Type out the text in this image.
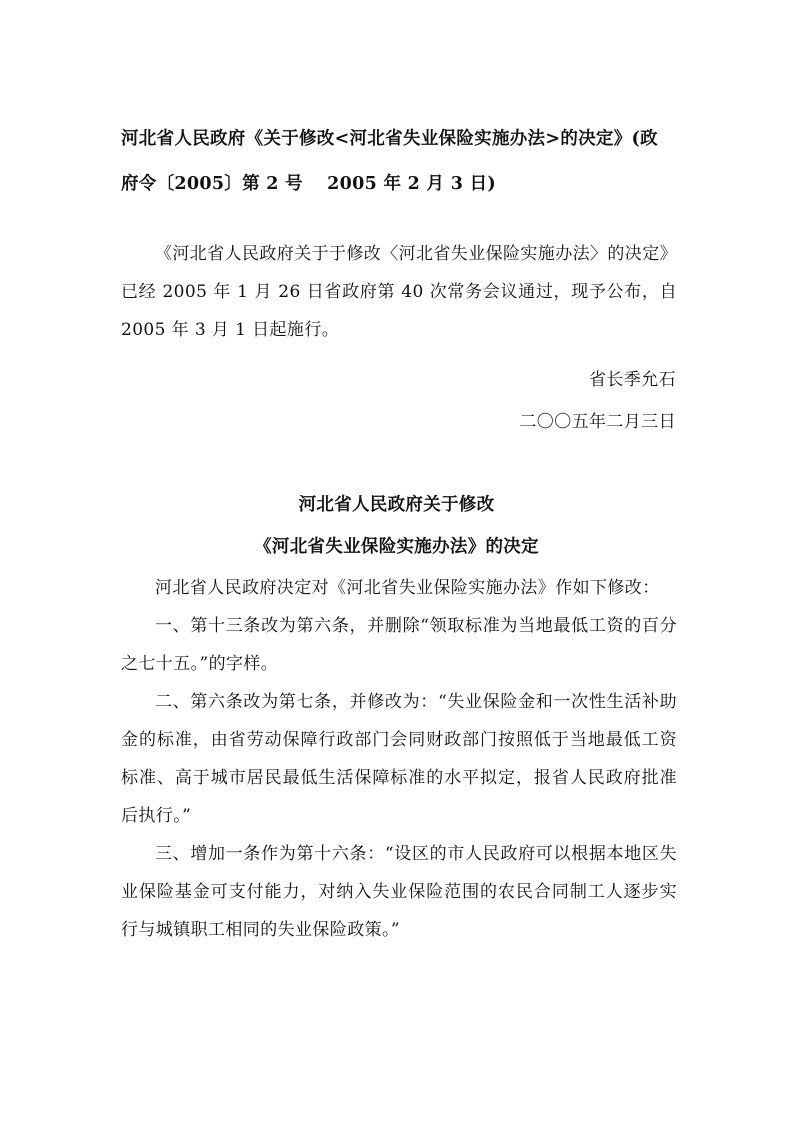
河北省人民政府《关于修改<河北省失业保险实施办法>的决定》(政
府令〔2005〕第 2 号　 2005 年 2 月 3 日)

《河北省人民政府关于于修改〈河北省失业保险实施办法〉的决定》已经 2005 年 1 月 26 日省政府第 40 次常务会议通过，现予公布，自 2005 年 3 月 1 日起施行。

省长季允石
二〇〇五年二月三日
河北省人民政府关于修改
《河北省失业保险实施办法》的决定

河北省人民政府决定对《河北省失业保险实施办法》作如下修改：

一、第十三条改为第六条，并删除“领取标准为当地最低工资的百分之七十五。”的字样。

二、第六条改为第七条，并修改为：“失业保险金和一次性生活补助金的标准，由省劳动保障行政部门会同财政部门按照低于当地最低工资标准、高于城市居民最低生活保障标准的水平拟定，报省人民政府批准后执行。”

三、增加一条作为第十六条：“设区的市人民政府可以根据本地区失业保险基金可支付能力，对纳入失业保险范围的农民合同制工人逐步实行与城镇职工相同的失业保险政策。”
